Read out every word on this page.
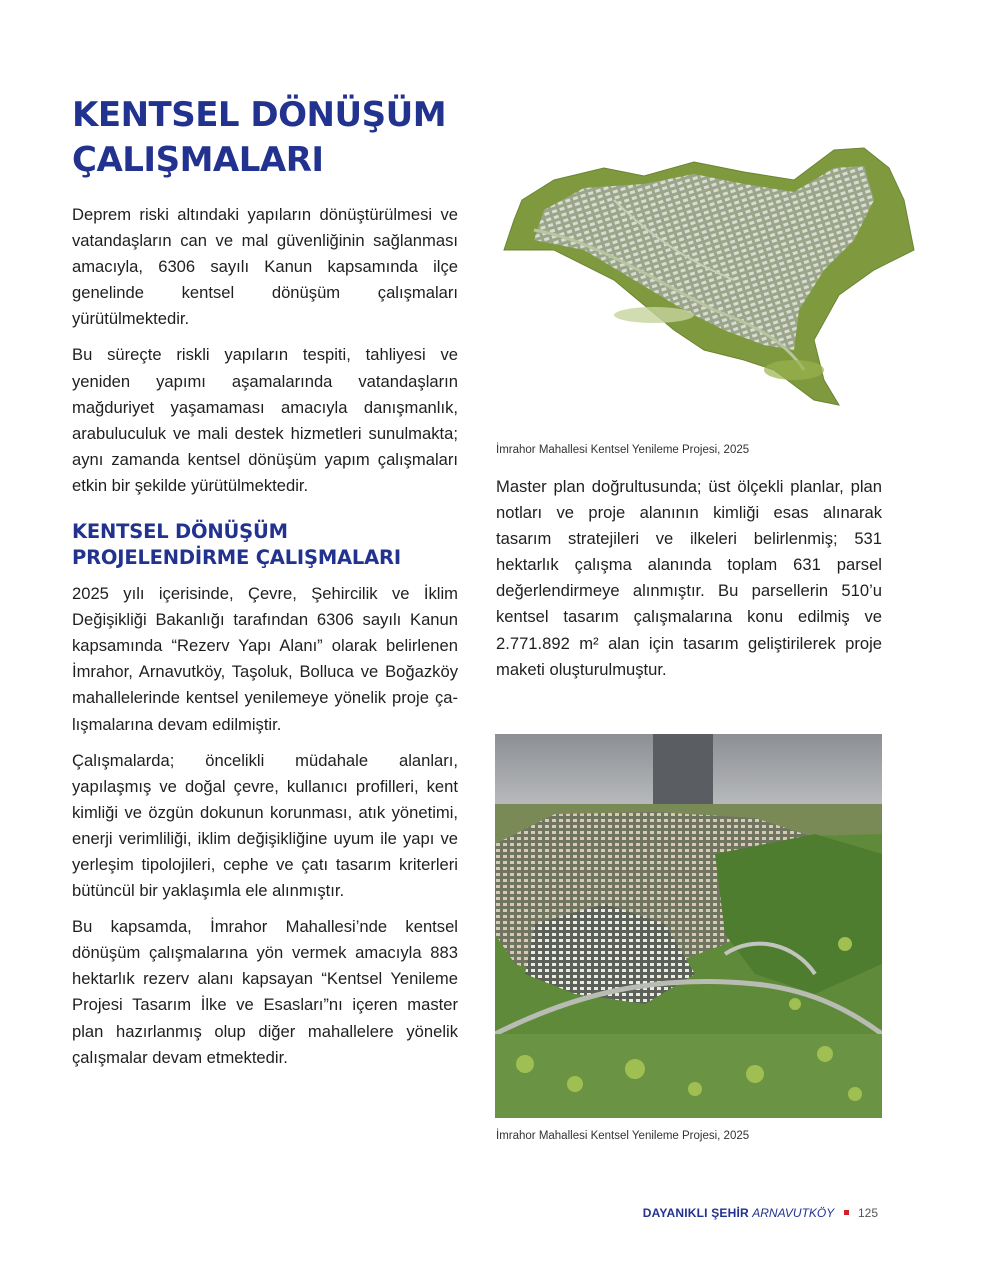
KENTSEL DÖNÜŞÜM
ÇALIŞMALARI

Deprem riski altındaki yapıların dönüştürülmesi ve vatandaşların can ve mal güvenliğinin sağlanması amacıyla, 6306 sayılı Kanun kapsamında ilçe genelinde kentsel dönüşüm çalışmaları yürütülmektedir.

Bu süreçte riskli yapıların tespiti, tahliyesi ve yeniden yapımı aşamalarında vatandaşların mağduriyet yaşamaması amacıyla danışmanlık, arabuluculuk ve mali destek hizmetleri sunulmakta; aynı zamanda kentsel dönüşüm yapım çalışmaları etkin bir şekilde yürütülmektedir.

KENTSEL DÖNÜŞÜM
PROJELENDİRME ÇALIŞMALARI

2025 yılı içerisinde, Çevre, Şehircilik ve İklim Değişikliği Bakanlığı tarafından 6306 sayılı Kanun kapsamında “Rezerv Yapı Alanı” olarak belirlenen İmrahor, Arnavutköy, Taşoluk, Bolluca ve Boğazköy mahallelerinde kentsel yenilemeye yönelik proje çalışmalarına devam edilmiştir.

Çalışmalarda; öncelikli müdahale alanları, yapılaşmış ve doğal çevre, kullanıcı profilleri, kent kimliği ve özgün dokunun korunması, atık yönetimi, enerji verimliliği, iklim değişikliğine uyum ile yapı ve yerleşim tipolojileri, cephe ve çatı tasarım kriterleri bütüncül bir yaklaşımla ele alınmıştır.

Bu kapsamda, İmrahor Mahallesi’nde kentsel dönüşüm çalışmalarına yön vermek amacıyla 883 hektarlık rezerv alanı kapsayan “Kentsel Yenileme Projesi Tasarım İlke ve Esasları”nı içeren master plan hazırlanmış olup diğer mahallelere yönelik çalışmalar devam etmektedir.

İmrahor Mahallesi Kentsel Yenileme Projesi, 2025

Master plan doğrultusunda; üst ölçekli planlar, plan notları ve proje alanının kimliği esas alınarak tasarım stratejileri ve ilkeleri belirlenmiş; 531 hektarlık çalışma alanında toplam 631 parsel değerlendirmeye alınmıştır. Bu parsellerin 510’u kentsel tasarım çalışmalarına konu edilmiş ve 2.771.892 m² alan için tasarım geliştirilerek proje maketi oluşturulmuştur.

İmrahor Mahallesi Kentsel Yenileme Projesi, 2025
DAYANIKLI ŞEHİR ARNAVUTKÖY 125
